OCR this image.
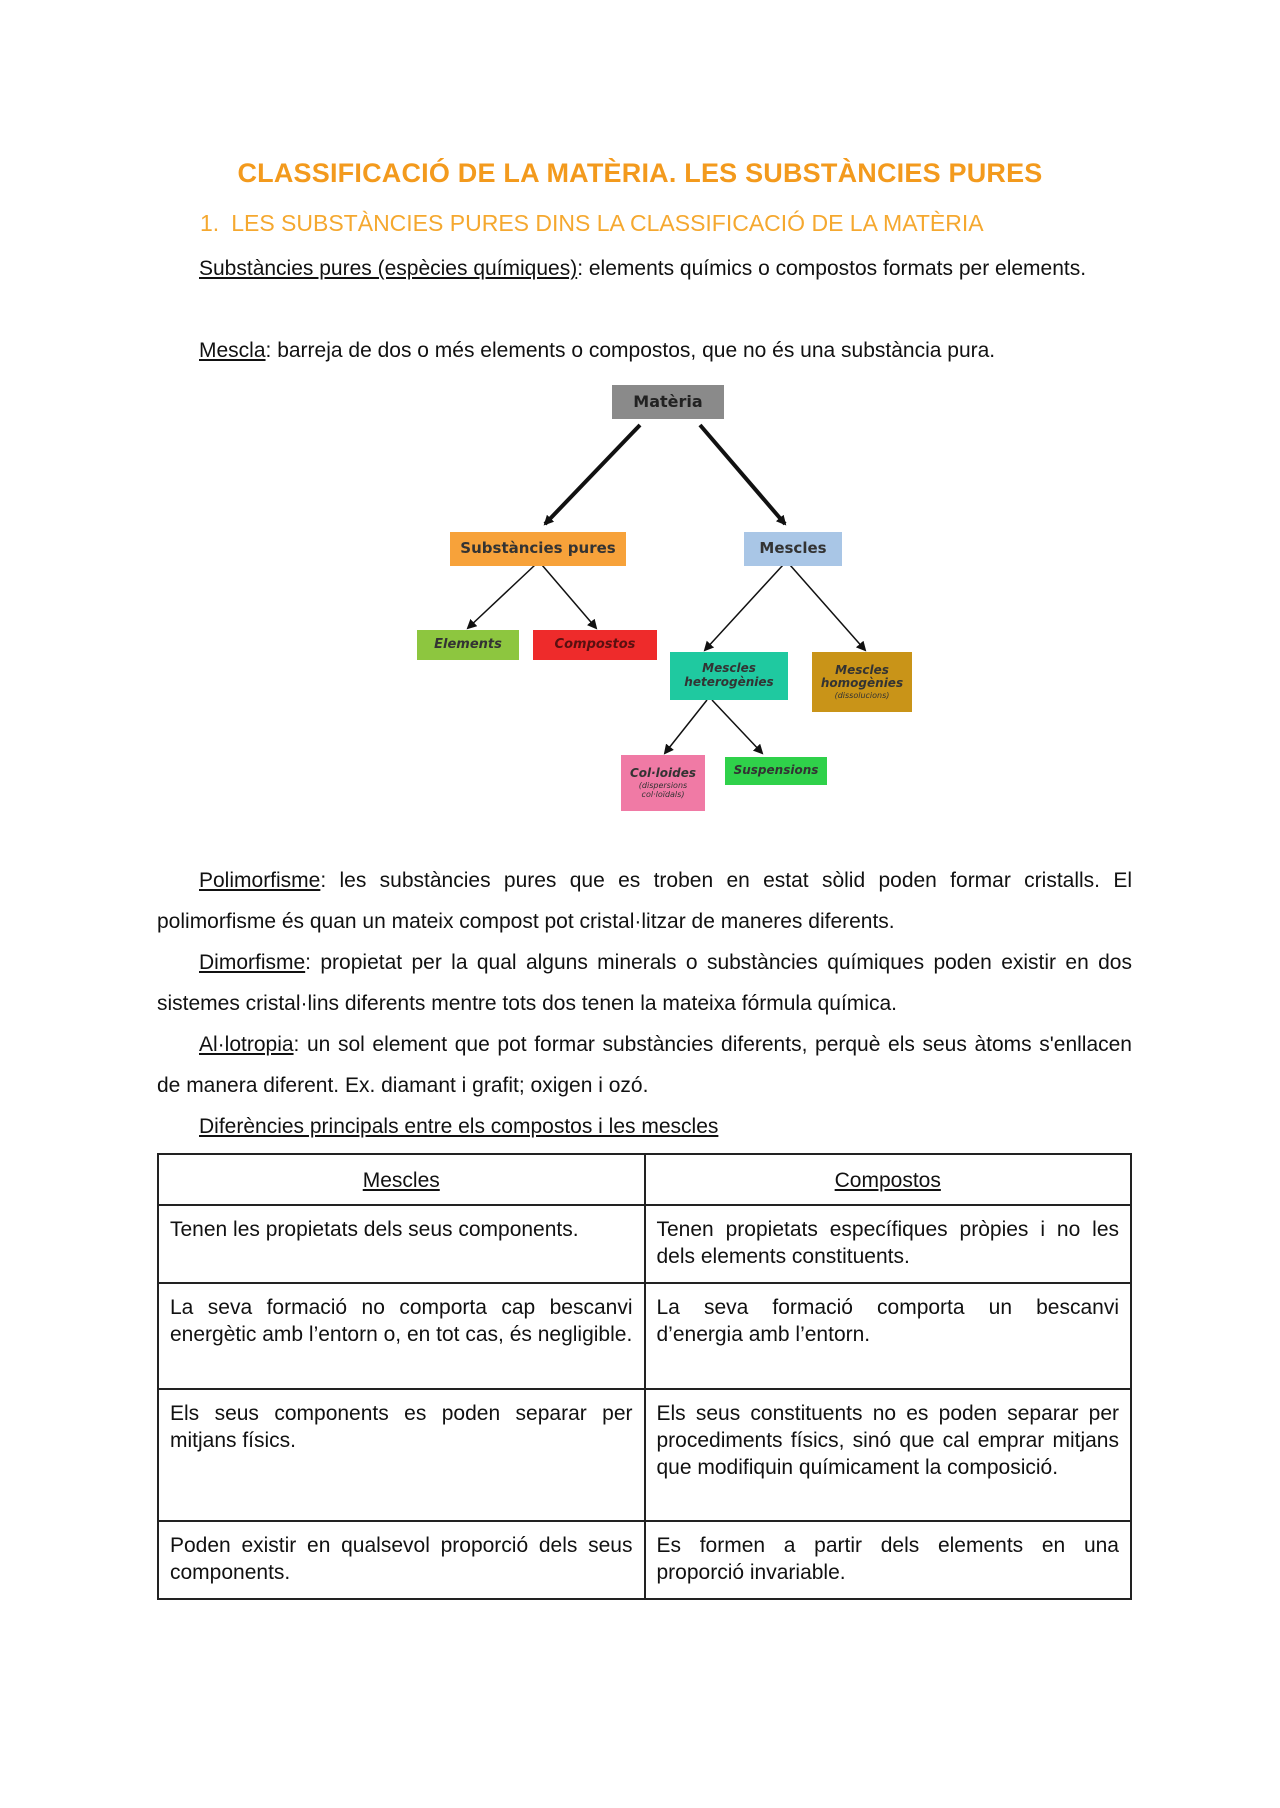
CLASSIFICACIÓ DE LA MATÈRIA. LES SUBSTÀNCIES PURES
1. LES SUBSTÀNCIES PURES DINS LA CLASSIFICACIÓ DE LA MATÈRIA
Substàncies pures (espècies químiques): elements químics o compostos formats per elements.
Mescla: barreja de dos o més elements o compostos, que no és una substància pura.
Matèria
Substàncies pures	Mescles
Elements	Compostos
Mescles
heterogènies
Mescles
homogènies
(dissolucions)
Col·loides
(dispersions
col·loïdals)
Suspensions
Polimorfisme: les substàncies pures que es troben en estat sòlid poden formar cristalls. El polimorfisme és quan un mateix compost pot cristal·litzar de maneres diferents.
Dimorfisme: propietat per la qual alguns minerals o substàncies químiques poden existir en dos sistemes cristal·lins diferents mentre tots dos tenen la mateixa fórmula química.
Al·lotropia: un sol element que pot formar substàncies diferents, perquè els seus àtoms s'enllacen de manera diferent. Ex. diamant i grafit; oxigen i ozó.
Diferències principals entre els compostos i les mescles
Mescles	Compostos
Tenen les propietats dels seus components.	Tenen propietats específiques pròpies i no les dels elements constituents.
La seva formació no comporta cap bescanvi energètic amb l’entorn o, en tot cas, és negligible.	La seva formació comporta un bescanvi d’energia amb l’entorn.
Els seus components es poden separar per mitjans físics.	Els seus constituents no es poden separar per procediments físics, sinó que cal emprar mitjans que modifiquin químicament la composició.
Poden existir en qualsevol proporció dels seus components.	Es formen a partir dels elements en una proporció invariable.
